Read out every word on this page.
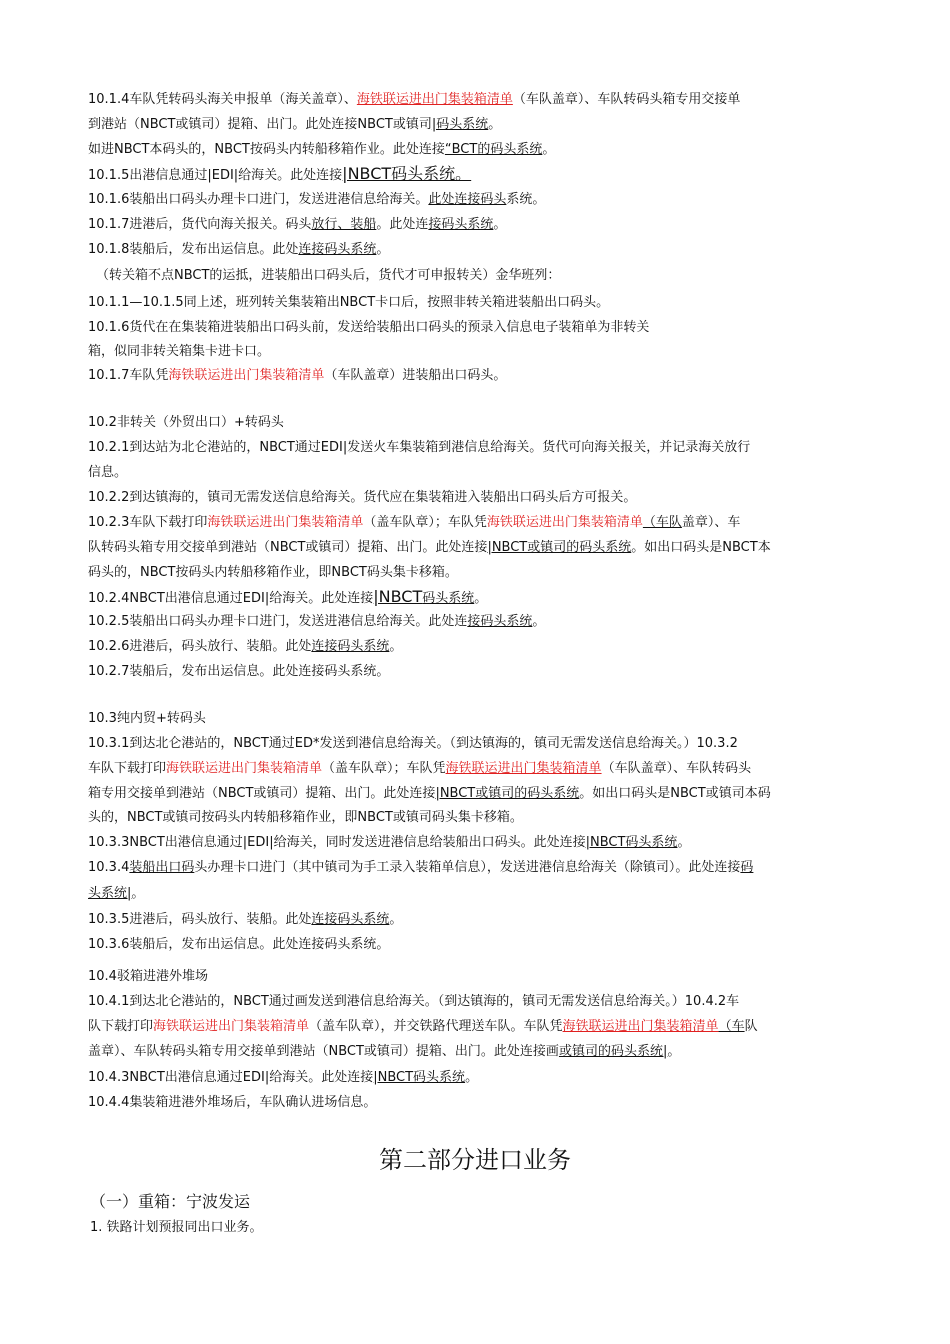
10.1.4车队凭转码头海关申报单（海关盖章）、海铁联运进出门集装箱清单（车队盖章）、车队转码头箱专用交接单
到港站（NBCT或镇司）提箱、出门。此处连接NBCT或镇司|码头系统。
如进NBCT本码头的，NBCT按码头内转船移箱作业。此处连接“BCT的码头系统。
10.1.5出港信息通过|EDI|给海关。此处连接|NBCT码头系统。
10.1.6装船出口码头办理卡口进门，发送进港信息给海关。此处连接码头系统。
10.1.7进港后，货代向海关报关。码头放行、装船。此处连接码头系统。
10.1.8装船后，发布出运信息。此处连接码头系统。
（转关箱不点NBCT的运抵，进装船出口码头后，货代才可申报转关）金华班列：
10.1.1—10.1.5同上述，班列转关集装箱出NBCT卡口后，按照非转关箱进装船出口码头。
10.1.6货代在在集装箱进装船出口码头前，发送给装船出口码头的预录入信息电子装箱单为非转关
箱，似同非转关箱集卡进卡口。
10.1.7车队凭海铁联运进出门集装箱清单（车队盖章）进装船出口码头。
10.2非转关（外贸出口）+转码头
10.2.1到达站为北仑港站的，NBCT通过EDI|发送火车集装箱到港信息给海关。货代可向海关报关，并记录海关放行
信息。
10.2.2到达镇海的，镇司无需发送信息给海关。货代应在集装箱进入装船出口码头后方可报关。
10.2.3车队下载打印海铁联运进出门集装箱清单（盖车队章）；车队凭海铁联运进出门集装箱清单（车队盖章）、车
队转码头箱专用交接单到港站（NBCT或镇司）提箱、出门。此处连接|NBCT或镇司的码头系统。如出口码头是NBCT本
码头的，NBCT按码头内转船移箱作业，即NBCT码头集卡移箱。
10.2.4NBCT出港信息通过EDI|给海关。此处连接|NBCT码头系统。
10.2.5装船出口码头办理卡口进门，发送进港信息给海关。此处连接码头系统。
10.2.6进港后，码头放行、装船。此处连接码头系统。
10.2.7装船后，发布出运信息。此处连接码头系统。
10.3纯内贸+转码头
10.3.1到达北仑港站的，NBCT通过ED*发送到港信息给海关。（到达镇海的，镇司无需发送信息给海关。）10.3.2
车队下载打印海铁联运进出门集装箱清单（盖车队章）；车队凭海铁联运进出门集装箱清单（车队盖章）、车队转码头
箱专用交接单到港站（NBCT或镇司）提箱、出门。此处连接|NBCT或镇司的码头系统。如出口码头是NBCT或镇司本码
头的，NBCT或镇司按码头内转船移箱作业，即NBCT或镇司码头集卡移箱。
10.3.3NBCT出港信息通过|EDI|给海关，同时发送进港信息给装船出口码头。此处连接|NBCT码头系统。
10.3.4装船出口码头办理卡口进门（其中镇司为手工录入装箱单信息），发送进港信息给海关（除镇司）。此处连接码
头系统|。
10.3.5进港后，码头放行、装船。此处连接码头系统。
10.3.6装船后，发布出运信息。此处连接码头系统。
10.4驳箱进港外堆场
10.4.1到达北仑港站的，NBCT通过画发送到港信息给海关。（到达镇海的，镇司无需发送信息给海关。）10.4.2车
队下载打印海铁联运进出门集装箱清单（盖车队章），并交铁路代理送车队。车队凭海铁联运进出门集装箱清单（车队
盖章）、车队转码头箱专用交接单到港站（NBCT或镇司）提箱、出门。此处连接画或镇司的码头系统|。
10.4.3NBCT出港信息通过EDI|给海关。此处连接|NBCT码头系统。
10.4.4集装箱进港外堆场后，车队确认进场信息。
第二部分进口业务
（一）重箱：宁波发运
1. 铁路计划预报同出口业务。
